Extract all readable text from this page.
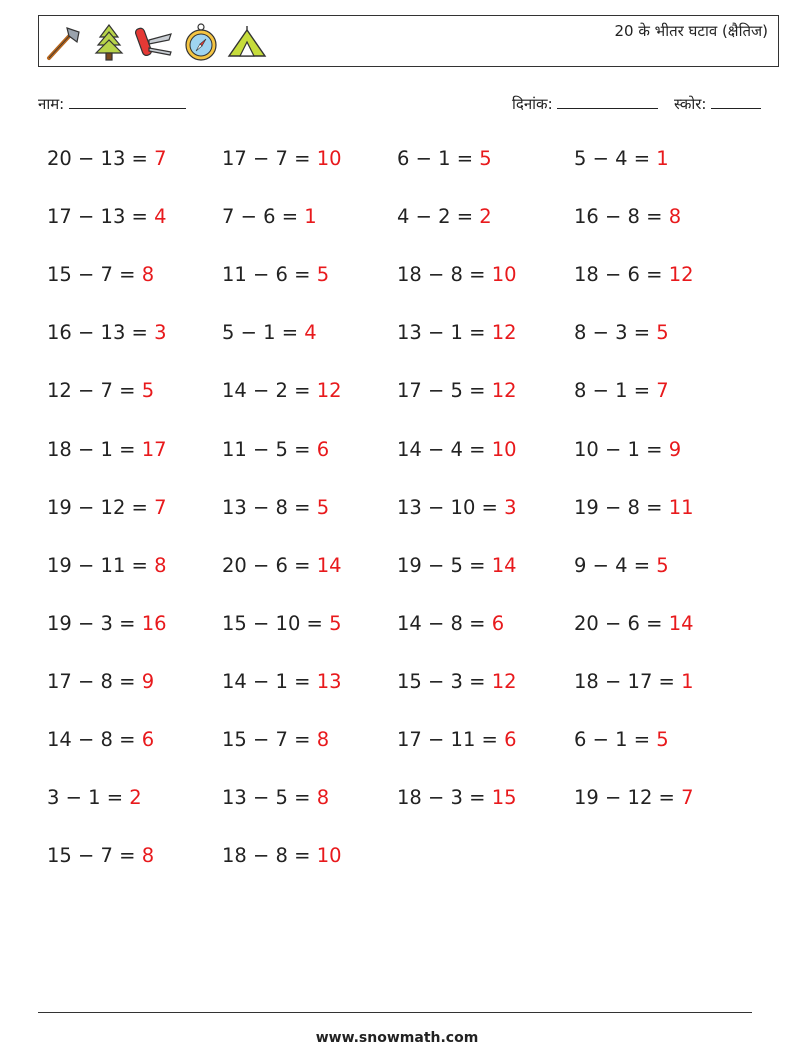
20 के भीतर घटाव (क्षैतिज)
नाम:	दिनांक:	स्कोर:
20 − 13 = 7	17 − 7 = 10	6 − 1 = 5	5 − 4 = 1
17 − 13 = 4	7 − 6 = 1	4 − 2 = 2	16 − 8 = 8
15 − 7 = 8	11 − 6 = 5	18 − 8 = 10	18 − 6 = 12
16 − 13 = 3	5 − 1 = 4	13 − 1 = 12	8 − 3 = 5
12 − 7 = 5	14 − 2 = 12	17 − 5 = 12	8 − 1 = 7
18 − 1 = 17	11 − 5 = 6	14 − 4 = 10	10 − 1 = 9
19 − 12 = 7	13 − 8 = 5	13 − 10 = 3	19 − 8 = 11
19 − 11 = 8	20 − 6 = 14	19 − 5 = 14	9 − 4 = 5
19 − 3 = 16	15 − 10 = 5	14 − 8 = 6	20 − 6 = 14
17 − 8 = 9	14 − 1 = 13	15 − 3 = 12	18 − 17 = 1
14 − 8 = 6	15 − 7 = 8	17 − 11 = 6	6 − 1 = 5
3 − 1 = 2	13 − 5 = 8	18 − 3 = 15	19 − 12 = 7
15 − 7 = 8	18 − 8 = 10
www.snowmath.com
